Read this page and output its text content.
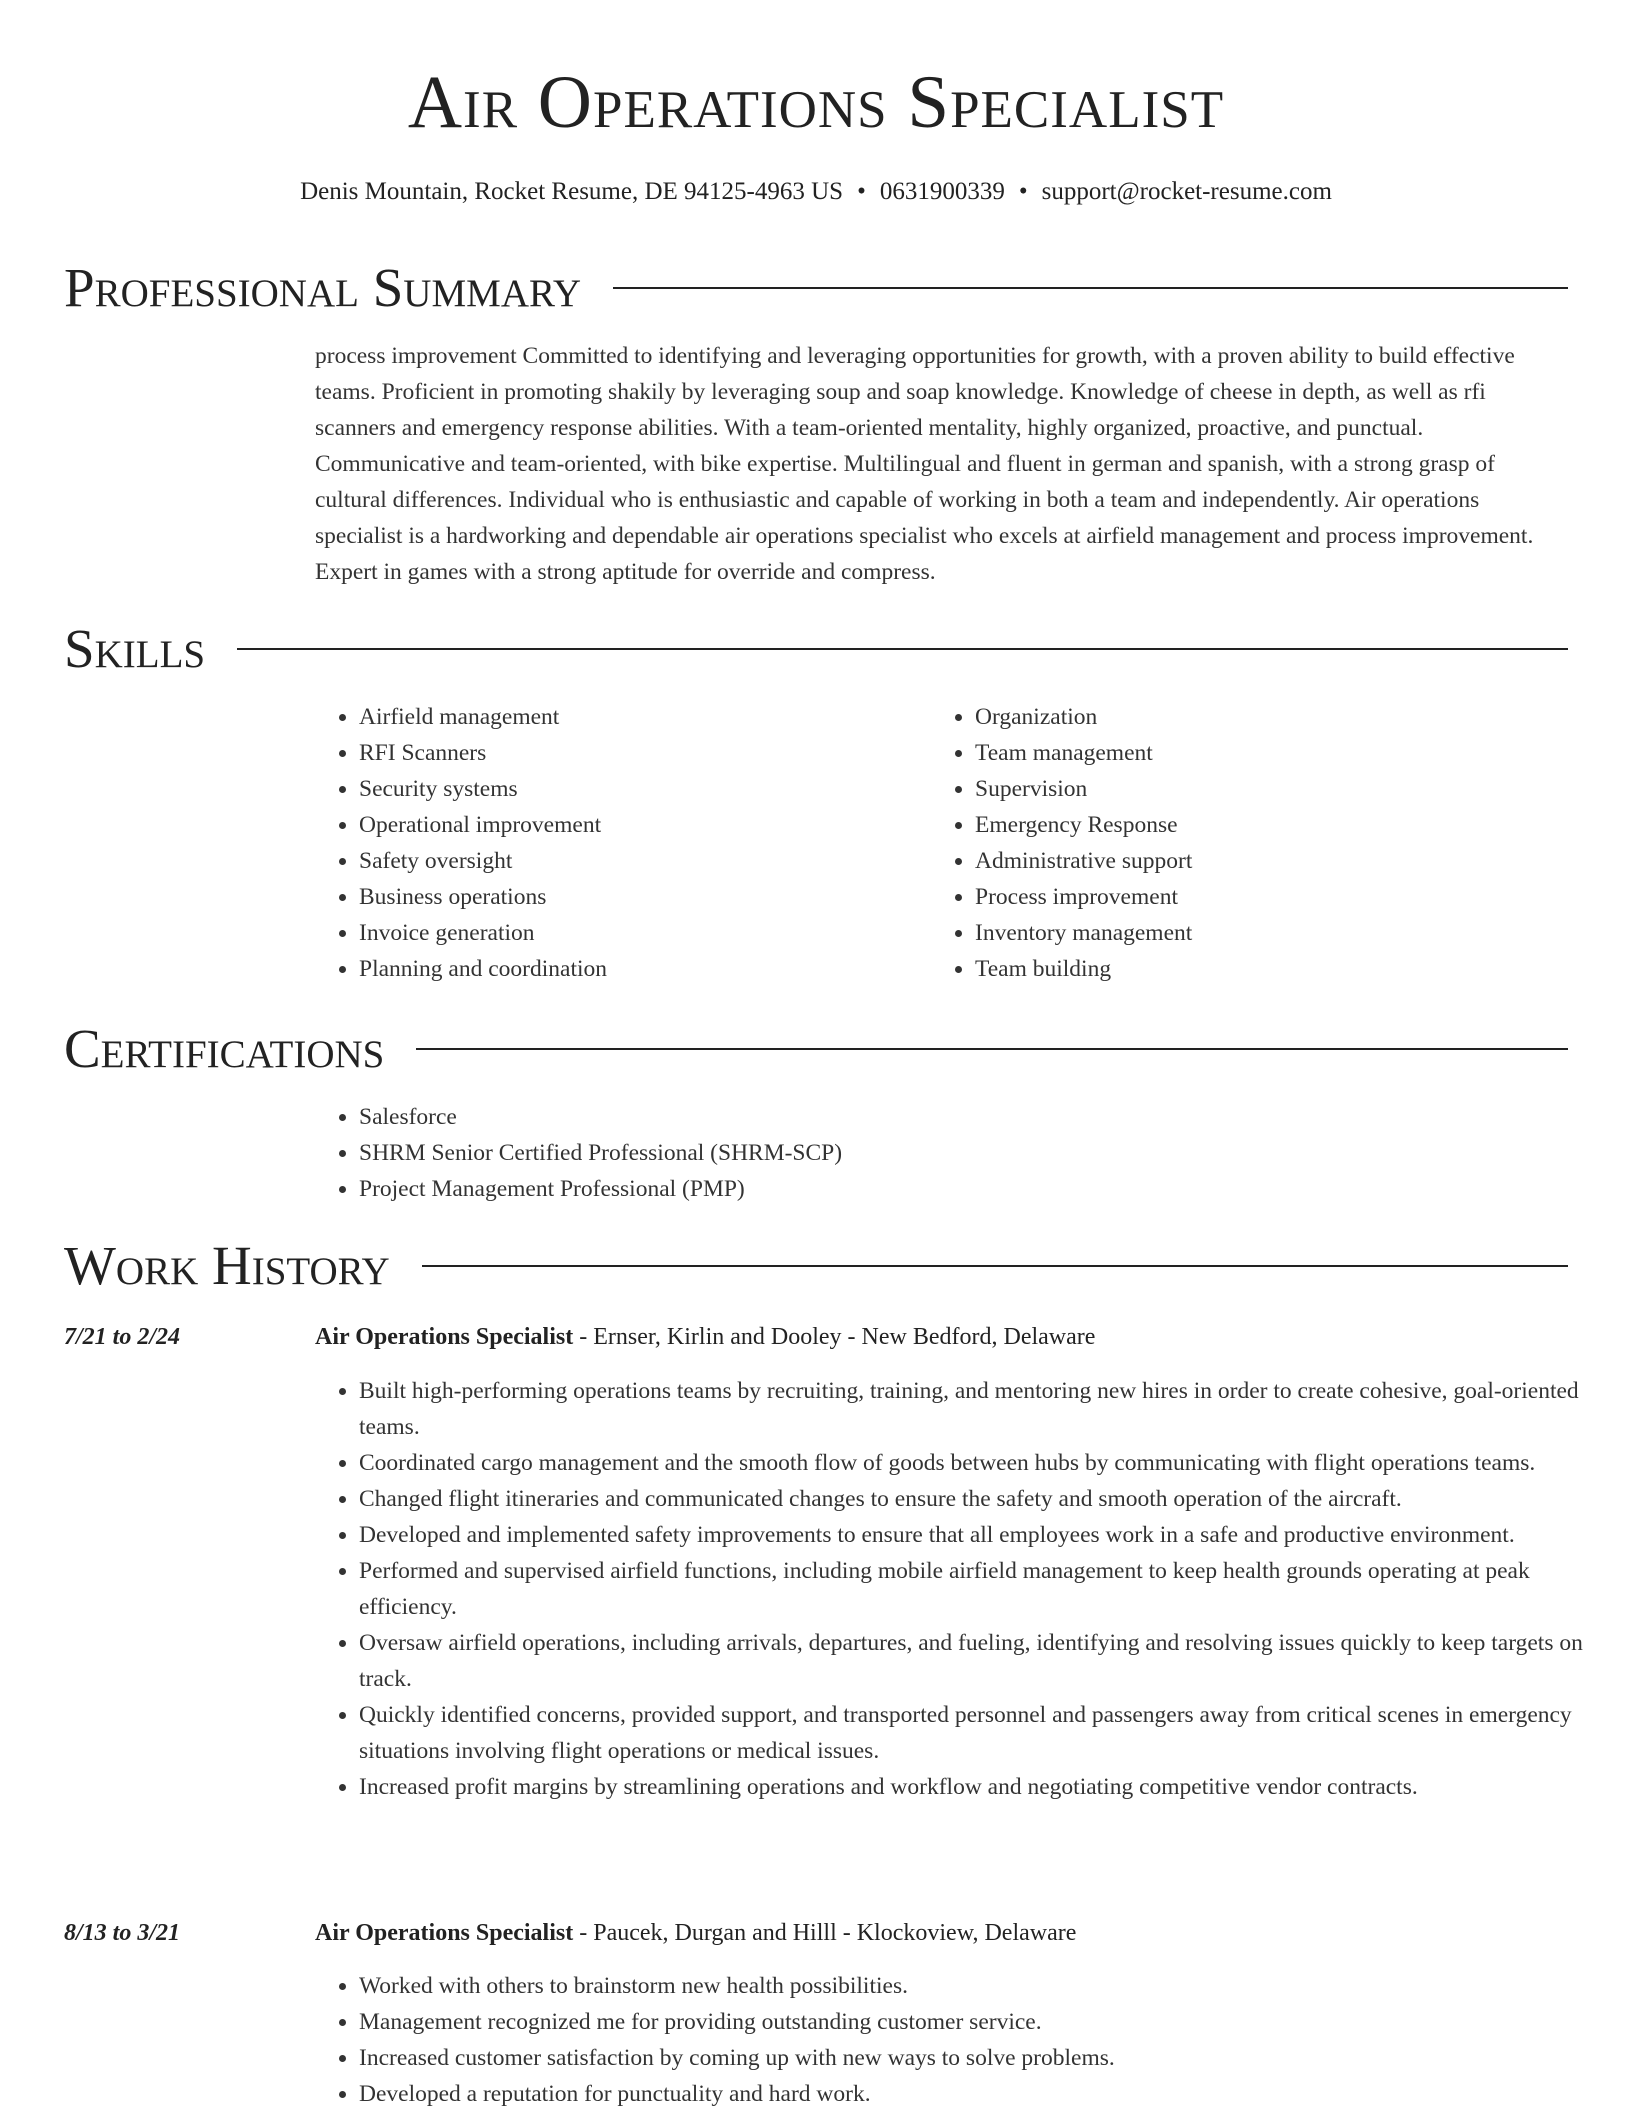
Air Operations Specialist
Denis Mountain, Rocket Resume, DE 94125-4963 US • 0631900339 • support@rocket-resume.com
Professional Summary

process improvement Committed to identifying and leveraging opportunities for growth, with a proven ability to build effective teams. Proficient in promoting shakily by leveraging soup and soap knowledge. Knowledge of cheese in depth, as well as rfi scanners and emergency response abilities. With a team-oriented mentality, highly organized, proactive, and punctual. Communicative and team-oriented, with bike expertise. Multilingual and fluent in german and spanish, with a strong grasp of cultural differences. Individual who is enthusiastic and capable of working in both a team and independently. Air operations specialist is a hardworking and dependable air operations specialist who excels at airfield management and process improvement. Expert in games with a strong aptitude for override and compress.

Skills
• Airfield management
• RFI Scanners
• Security systems
• Operational improvement
• Safety oversight
• Business operations
• Invoice generation
• Planning and coordination
• Organization
• Team management
• Supervision
• Emergency Response
• Administrative support
• Process improvement
• Inventory management
• Team building
Certifications
• Salesforce
• SHRM Senior Certified Professional (SHRM-SCP)
• Project Management Professional (PMP)
Work History
7/21 to 2/24	Air Operations Specialist - Ernser, Kirlin and Dooley - New Bedford, Delaware
• Built high-performing operations teams by recruiting, training, and mentoring new hires in order to create cohesive, goal-oriented teams.
• Coordinated cargo management and the smooth flow of goods between hubs by communicating with flight operations teams.
• Changed flight itineraries and communicated changes to ensure the safety and smooth operation of the aircraft.
• Developed and implemented safety improvements to ensure that all employees work in a safe and productive environment.
• Performed and supervised airfield functions, including mobile airfield management to keep health grounds operating at peak efficiency.
• Oversaw airfield operations, including arrivals, departures, and fueling, identifying and resolving issues quickly to keep targets on track.
• Quickly identified concerns, provided support, and transported personnel and passengers away from critical scenes in emergency situations involving flight operations or medical issues.
• Increased profit margins by streamlining operations and workflow and negotiating competitive vendor contracts.
8/13 to 3/21	Air Operations Specialist - Paucek, Durgan and Hilll - Klockoview, Delaware
• Worked with others to brainstorm new health possibilities.
• Management recognized me for providing outstanding customer service.
• Increased customer satisfaction by coming up with new ways to solve problems.
• Developed a reputation for punctuality and hard work.
